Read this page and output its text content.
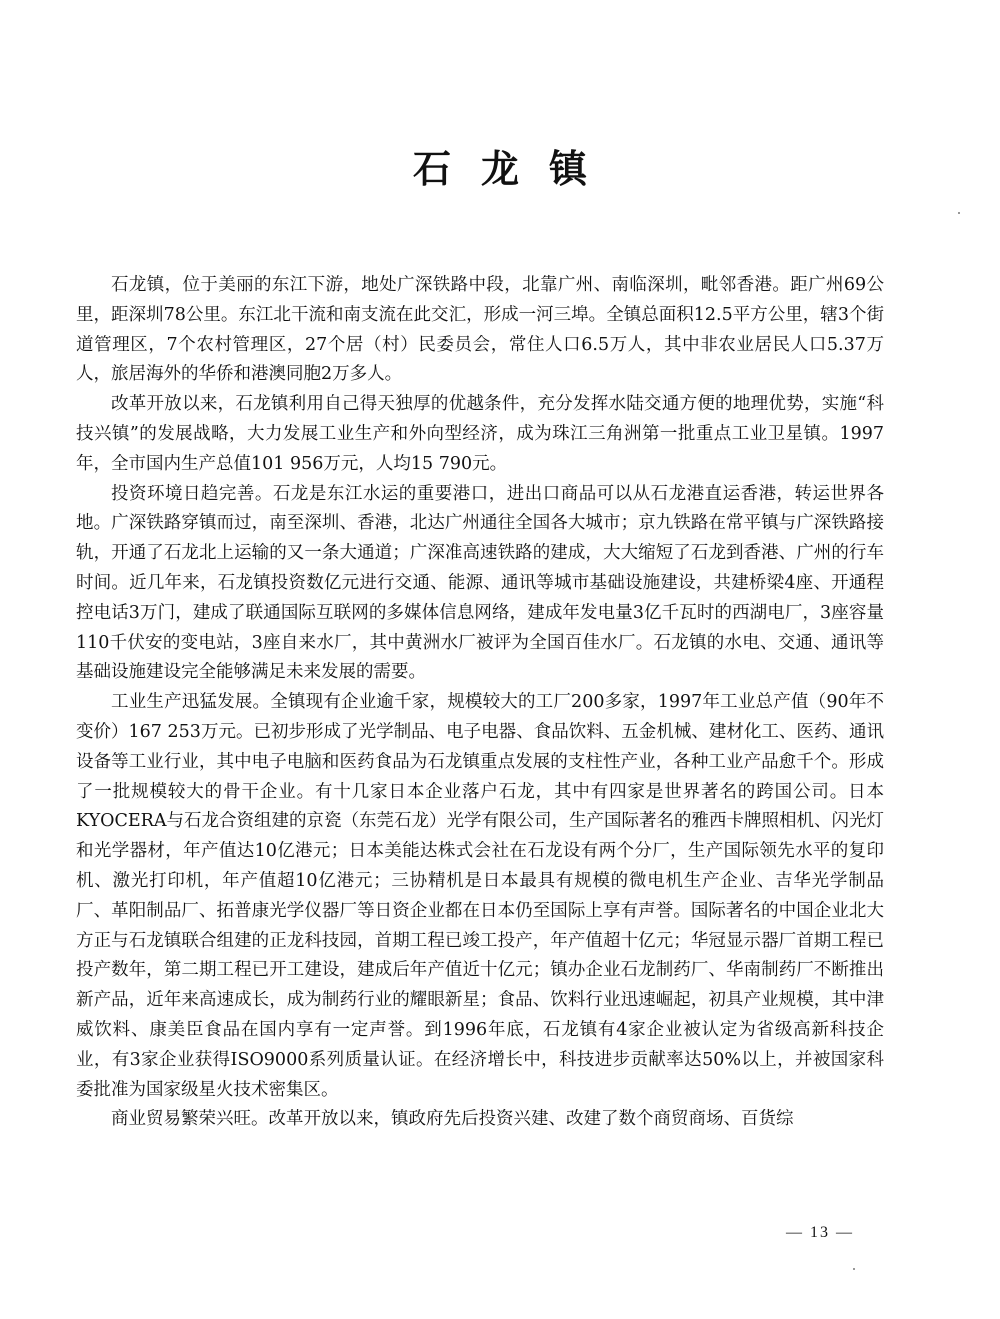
石龙镇

石龙镇，位于美丽的东江下游，地处广深铁路中段，北靠广州、南临深圳，毗邻香港。距广州69公里，距深圳78公里。东江北干流和南支流在此交汇，形成一河三埠。全镇总面积12.5平方公里，辖3个街道管理区，7个农村管理区，27个居（村）民委员会，常住人口6.5万人，其中非农业居民人口5.37万人，旅居海外的华侨和港澳同胞2万多人。

改革开放以来，石龙镇利用自己得天独厚的优越条件，充分发挥水陆交通方便的地理优势，实施“科技兴镇”的发展战略，大力发展工业生产和外向型经济，成为珠江三角洲第一批重点工业卫星镇。1997年，全市国内生产总值101 956万元，人均15 790元。

投资环境日趋完善。石龙是东江水运的重要港口，进出口商品可以从石龙港直运香港，转运世界各地。广深铁路穿镇而过，南至深圳、香港，北达广州通往全国各大城市；京九铁路在常平镇与广深铁路接轨，开通了石龙北上运输的又一条大通道；广深准高速铁路的建成，大大缩短了石龙到香港、广州的行车时间。近几年来，石龙镇投资数亿元进行交通、能源、通讯等城市基础设施建设，共建桥梁4座、开通程控电话3万门，建成了联通国际互联网的多媒体信息网络，建成年发电量3亿千瓦时的西湖电厂，3座容量110千伏安的变电站，3座自来水厂，其中黄洲水厂被评为全国百佳水厂。石龙镇的水电、交通、通讯等基础设施建设完全能够满足未来发展的需要。

工业生产迅猛发展。全镇现有企业逾千家，规模较大的工厂200多家，1997年工业总产值（90年不变价）167 253万元。已初步形成了光学制品、电子电器、食品饮料、五金机械、建材化工、医药、通讯设备等工业行业，其中电子电脑和医药食品为石龙镇重点发展的支柱性产业，各种工业产品愈千个。形成了一批规模较大的骨干企业。有十几家日本企业落户石龙，其中有四家是世界著名的跨国公司。日本KYOCERA与石龙合资组建的京瓷（东莞石龙）光学有限公司，生产国际著名的雅西卡牌照相机、闪光灯和光学器材，年产值达10亿港元；日本美能达株式会社在石龙设有两个分厂，生产国际领先水平的复印机、激光打印机，年产值超10亿港元；三协精机是日本最具有规模的微电机生产企业、吉华光学制品厂、革阳制品厂、拓普康光学仪器厂等日资企业都在日本仍至国际上享有声誉。国际著名的中国企业北大方正与石龙镇联合组建的正龙科技园，首期工程已竣工投产，年产值超十亿元；华冠显示器厂首期工程已投产数年，第二期工程已开工建设，建成后年产值近十亿元；镇办企业石龙制药厂、华南制药厂不断推出新产品，近年来高速成长，成为制药行业的耀眼新星；食品、饮料行业迅速崛起，初具产业规模，其中津威饮料、康美臣食品在国内享有一定声誉。到1996年底，石龙镇有4家企业被认定为省级高新科技企业，有3家企业获得ISO9000系列质量认证。在经济增长中，科技进步贡献率达50%以上，并被国家科委批准为国家级星火技术密集区。

商业贸易繁荣兴旺。改革开放以来，镇政府先后投资兴建、改建了数个商贸商场、百货综

— 13 —
